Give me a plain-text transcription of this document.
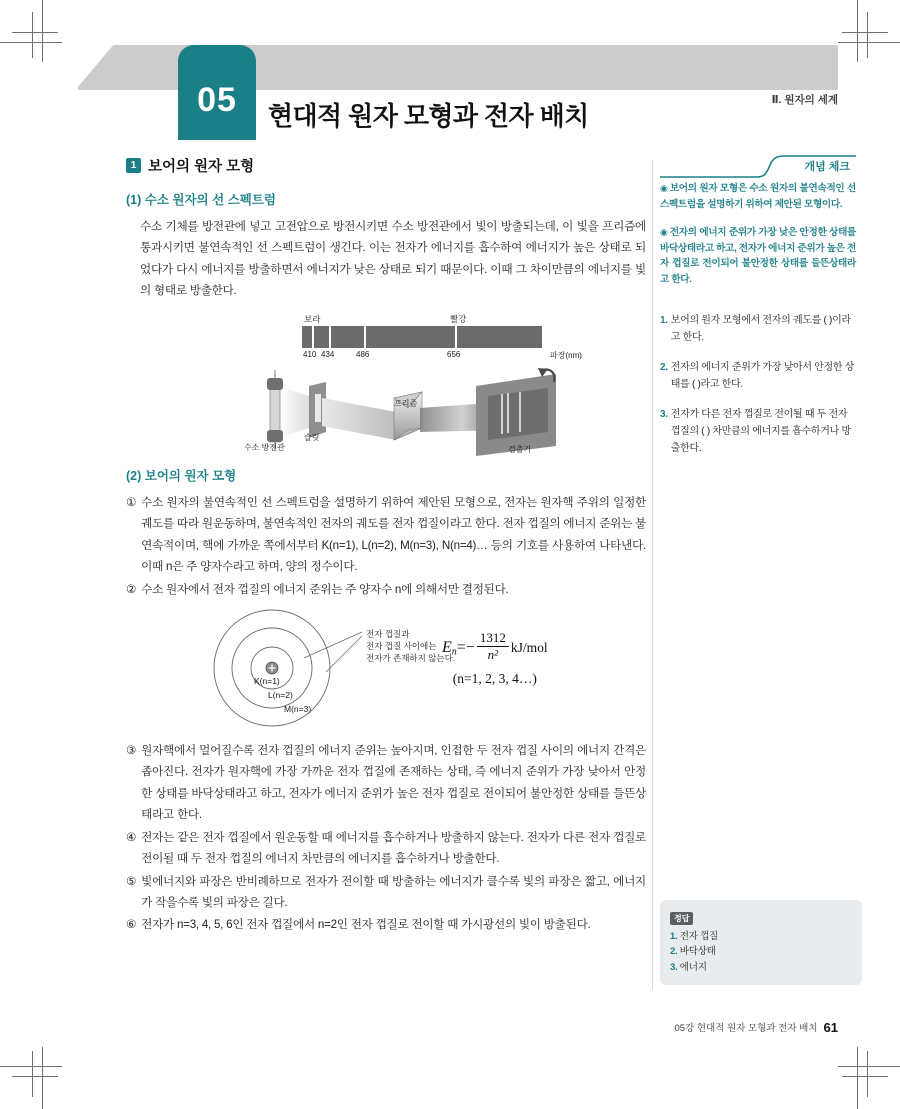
05	Ⅱ. 원자의 세계
현대적 원자 모형과 전자 배치
1 보어의 원자 모형
(1) 수소 원자의 선 스펙트럼

수소 기체를 방전관에 넣고 고전압으로 방전시키면 수소 방전관에서 빛이 방출되는데, 이 빛을 프리즘에 통과시키면 불연속적인 선 스펙트럼이 생긴다. 이는 전자가 에너지를 흡수하여 에너지가 높은 상태로 되었다가 다시 에너지를 방출하면서 에너지가 낮은 상태로 되기 때문이다. 이때 그 차이만큼의 에너지를 빛의 형태로 방출한다.

보라	빨강
410 434	486	656	파장(nm)
수소 방전관
슬릿
프리즘
검출기
(2) 보어의 원자 모형
① 수소 원자의 불연속적인 선 스펙트럼을 설명하기 위하여 제안된 모형으로, 전자는 원자핵 주위의 일정한 궤도를 따라 원운동하며, 불연속적인 전자의 궤도를 전자 껍질이라고 한다. 전자 껍질의 에너지 준위는 불연속적이며, 핵에 가까운 쪽에서부터 K(n=1), L(n=2), M(n=3), N(n=4)… 등의 기호를 사용하여 나타낸다. 이때 n은 주 양자수라고 하며, 양의 정수이다.
② 수소 원자에서 전자 껍질의 에너지 준위는 주 양자수 n에 의해서만 결정된다.
K(n=1)
L(n=2)
M(n=3)
전자 껍질과
전자 껍질 사이에는
전자가 존재하지 않는다.
$E_n=- \frac{1312}{\text{n²}} kJ/mol$
(n=1, 2, 3, 4…)
③ 원자핵에서 멀어질수록 전자 껍질의 에너지 준위는 높아지며, 인접한 두 전자 껍질 사이의 에너지 간격은 좁아진다. 전자가 원자핵에 가장 가까운 전자 껍질에 존재하는 상태, 즉 에너지 준위가 가장 낮아서 안정한 상태를 바닥상태라고 하고, 전자가 에너지 준위가 높은 전자 껍질로 전이되어 불안정한 상태를 들뜬상태라고 한다.
④ 전자는 같은 전자 껍질에서 원운동할 때 에너지를 흡수하거나 방출하지 않는다. 전자가 다른 전자 껍질로 전이될 때 두 전자 껍질의 에너지 차만큼의 에너지를 흡수하거나 방출한다.
⑤ 빛에너지와 파장은 반비례하므로 전자가 전이할 때 방출하는 에너지가 클수록 빛의 파장은 짧고, 에너지가 작을수록 빛의 파장은 길다.
⑥ 전자가 n=3, 4, 5, 6인 전자 껍질에서 n=2인 전자 껍질로 전이할 때 가시광선의 빛이 방출된다.
개념 체크

◉ 보어의 원자 모형은 수소 원자의 불연속적인 선 스펙트럼을 설명하기 위하여 제안된 모형이다.

◉ 전자의 에너지 준위가 가장 낮은 안정한 상태를 바닥상태라고 하고, 전자가 에너지 준위가 높은 전자 껍질로 전이되어 불안정한 상태를 들뜬상태라고 한다.

1. 보어의 원자 모형에서 전자의 궤도를 ( )이라고 한다.
2. 전자의 에너지 준위가 가장 낮아서 안정한 상태를 ( )라고 한다.
3. 전자가 다른 전자 껍질로 전이될 때 두 전자 껍질의 ( ) 차만큼의 에너지를 흡수하거나 방출한다.
정답
1. 전자 껍질
2. 바닥상태
3. 에너지
05강 현대적 원자 모형과 전자 배치 61
